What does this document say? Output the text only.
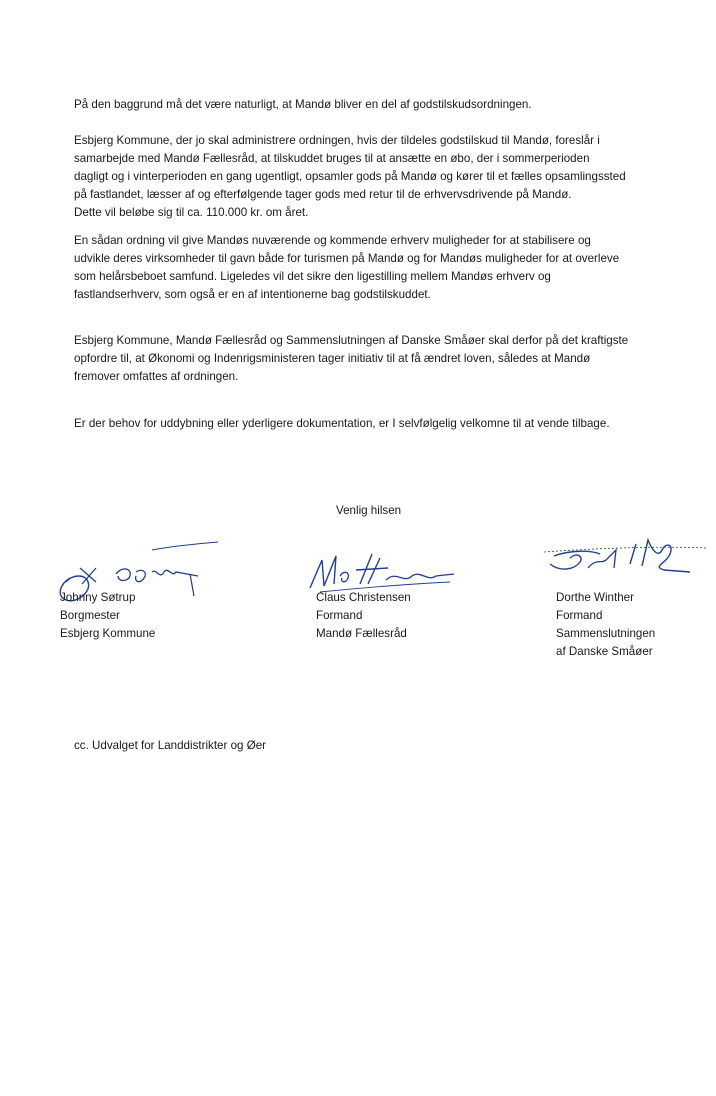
På den baggrund må det være naturligt, at Mandø bliver en del af godstilskudsordningen.

Esbjerg Kommune, der jo skal administrere ordningen, hvis der tildeles godstilskud til Mandø, foreslår i
samarbejde med Mandø Fællesråd, at tilskuddet bruges til at ansætte en øbo, der i sommerperioden
dagligt og i vinterperioden en gang ugentligt, opsamler gods på Mandø og kører til et fælles opsamlingssted
på fastlandet, læsser af og efterfølgende tager gods med retur til de erhvervsdrivende på Mandø.
Dette vil beløbe sig til ca. 110.000 kr. om året.

En sådan ordning vil give Mandøs nuværende og kommende erhverv muligheder for at stabilisere og
udvikle deres virksomheder til gavn både for turismen på Mandø og for Mandøs muligheder for at overleve
som helårsbeboet samfund. Ligeledes vil det sikre den ligestilling mellem Mandøs erhverv og
fastlandserhverv, som også er en af intentionerne bag godstilskuddet.

Esbjerg Kommune, Mandø Fællesråd og Sammenslutningen af Danske Småøer skal derfor på det kraftigste
opfordre til, at Økonomi og Indenrigsministeren tager initiativ til at få ændret loven, således at Mandø
fremover omfattes af ordningen.

Er der behov for uddybning eller yderligere dokumentation, er I selvfølgelig velkomne til at vende tilbage.

Venlig hilsen
Johnny Søtrup
Borgmester
Esbjerg Kommune
Claus Christensen
Formand
Mandø Fællesråd
Dorthe Winther
Formand
Sammenslutningen
af Danske Småøer
cc. Udvalget for Landdistrikter og Øer
